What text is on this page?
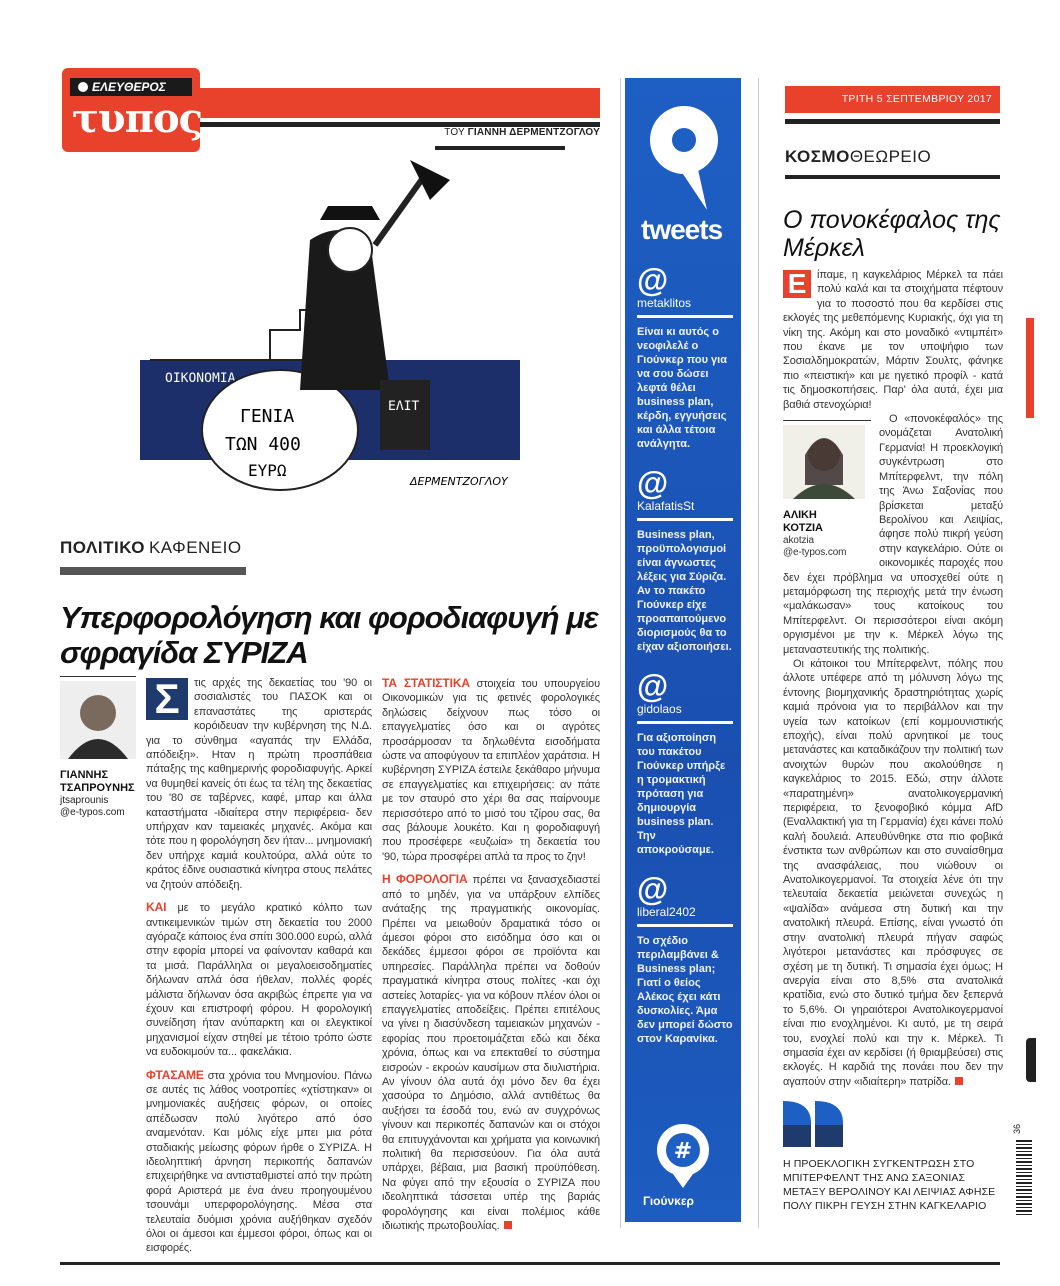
ΕΛΕΥΘΕΡΟΣ
τυπος	ΤΟΥ ΓΙΑΝΝΗ ΔΕΡΜΕΝΤΖΟΓΛΟΥ
ΟΙΚΟΝΟΜΙΑ
ΓΕΝΙΑ
ΤΩΝ 400
ΕΥΡΩ
ΕΛΙΤ
ΔΕΡΜΕΝΤΖΟΓΛΟΥ
ΠΟΛΙΤΙΚΟ ΚΑΦΕΝΕΙΟ
Υπερφορολόγηση και φοροδιαφυγή με σφραγίδα ΣΥΡΙΖΑ
ΓΙΑΝΝΗΣ
ΤΣΑΠΡΟΥΝΗΣ
jtsaprounis
@e-typos.com

Σ	τις αρχές της δεκαετίας του '90 οι σοσιαλιστές του ΠΑΣΟΚ και οι επαναστάτες της αριστεράς κορόιδευαν την κυβέρνηση της Ν.Δ. για το σύνθημα «αγαπάς την Ελλάδα, απόδειξη». Ηταν η πρώτη προσπάθεια πάταξης της καθημερινής φοροδιαφυγής. Αρκεί να θυμηθεί κανείς ότι έως τα τέλη της δεκαετίας του '80 σε ταβέρνες, καφέ, μπαρ και άλλα καταστήματα -ιδιαίτερα στην περιφέρεια- δεν υπήρχαν καν ταμειακές μηχανές. Ακόμα και τότε που η φορολόγηση δεν ήταν... μνημονιακή δεν υπήρχε καμιά κουλτούρα, αλλά ούτε το κράτος έδινε ουσιαστικά κίνητρα στους πελάτες να ζητούν απόδειξη.

ΚΑΙ με το μεγάλο κρατικό κόλπο των αντικειμενικών τιμών στη δεκαετία του 2000 αγόραζε κάποιος ένα σπίτι 300.000 ευρώ, αλλά στην εφορία μπορεί να φαίνονταν καθαρά και τα μισά. Παράλληλα οι μεγαλοεισοδηματίες δήλωναν απλά όσα ήθελαν, πολλές φορές μάλιστα δήλωναν όσα ακριβώς έπρεπε για να έχουν και επιστροφή φόρου. Η φορολογική συνείδηση ήταν ανύπαρκτη και οι ελεγκτικοί μηχανισμοί είχαν στηθεί με τέτοιο τρόπο ώστε να ευδοκιμούν τα... φακελάκια.

ΦΤΑΣΑΜΕ στα χρόνια του Μνημονίου. Πάνω σε αυτές τις λάθος νοοτροπίες «χτίστηκαν» οι μνημονιακές αυξήσεις φόρων, οι οποίες απέδωσαν πολύ λιγότερο από όσο αναμενόταν. Και μόλις είχε μπει μια ρότα σταδιακής μείωσης φόρων ήρθε ο ΣΥΡΙΖΑ. Η ιδεοληπτική άρνηση περικοπής δαπανών επιχειρήθηκε να αντισταθμιστεί από την πρώτη φορά Αριστερά με ένα άνευ προηγουμένου τσουνάμι υπερφορολόγησης. Μέσα στα τελευταία δυόμισι χρόνια αυξήθηκαν σχεδόν όλοι οι άμεσοι και έμμεσοι φόροι, όπως και οι εισφορές.

ΤΑ ΣΤΑΤΙΣΤΙΚΑ στοιχεία του υπουργείου Οικονομικών για τις φετινές φορολογικές δηλώσεις δείχνουν πως τόσο οι επαγγελματίες όσο και οι αγρότες προσάρμοσαν τα δηλωθέντα εισοδήματα ώστε να αποφύγουν τα επιπλέον χαράτσια. Η κυβέρνηση ΣΥΡΙΖΑ έστειλε ξεκάθαρο μήνυμα σε επαγγελματίες και επιχειρήσεις: αν πάτε με τον σταυρό στο χέρι θα σας παίρνουμε περισσότερο από το μισό του τζίρου σας, θα σας βάλουμε λουκέτο. Και η φοροδιαφυγή που προσέφερε «ευζωία» τη δεκαετία του '90, τώρα προσφέρει απλά τα προς το ζην!

Η ΦΟΡΟΛΟΓΙΑ πρέπει να ξανασχεδιαστεί από το μηδέν, για να υπάρξουν ελπίδες ανάταξης της πραγματικής οικονομίας. Πρέπει να μειωθούν δραματικά τόσο οι άμεσοι φόροι στο εισόδημα όσο και οι δεκάδες έμμεσοι φόροι σε προϊόντα και υπηρεσίες. Παράλληλα πρέπει να δοθούν πραγματικά κίνητρα στους πολίτες -και όχι αστείες λοταρίες- για να κόβουν πλέον όλοι οι επαγγελματίες αποδείξεις. Πρέπει επιτέλους να γίνει η διασύνδεση ταμειακών μηχανών - εφορίας που προετοιμάζεται εδώ και δέκα χρόνια, όπως και να επεκταθεί το σύστημα εισροών - εκροών καυσίμων στα διυλιστήρια. Αν γίνουν όλα αυτά όχι μόνο δεν θα έχει χασούρα το Δημόσιο, αλλά αντιθέτως θα αυξήσει τα έσοδά του, ενώ αν συγχρόνως γίνουν και περικοπές δαπανών και οι στόχοι θα επιτυγχάνονται και χρήματα για κοινωνική πολιτική θα περισσεύουν. Για όλα αυτά υπάρχει, βέβαια, μια βασική προϋπόθεση. Να φύγει από την εξουσία ο ΣΥΡΙΖΑ που ιδεοληπτικά τάσσεται υπέρ της βαριάς φορολόγησης και είναι πολέμιος κάθε ιδιωτικής πρωτοβουλίας.

tweets
@
metaklitos
Είναι κι αυτός ο νεοφιλελέ ο Γιούνκερ που για να σου δώσει λεφτά θέλει business plan, κέρδη, εγγυήσεις και άλλα τέτοια ανάλγητα.
@
KalafatisSt
Business plan, προϋπολογισμοί είναι άγνωστες λέξεις για Σύριζα. Αν το πακέτο Γιούνκερ είχε προαπαιτούμενο διορισμούς θα το είχαν αξιοποιήσει.
@
gidolaos
Για αξιοποίηση του πακέτου Γιούνκερ υπήρξε η τρομακτική πρόταση για δημιουργία business plan. Την αποκρούσαμε.
@
liberal2402
Το σχέδιο περιλαμβάνει & Business plan; Γιατί ο θείος Αλέκος έχει κάτι δυσκολίες. Άμα δεν μπορεί δώστο στον Καρανίκα.
#
Γιούνκερ
ΤΡΙΤΗ 5 ΣΕΠΤΕΜΒΡΙΟΥ 2017
ΚΟΣΜΟΘΕΩΡΕΙΟ
Ο πονοκέφαλος της Μέρκελ

Ε ίπαμε, η καγκελάριος Μέρκελ τα πάει πολύ καλά και τα στοιχήματα πέφτουν για το ποσοστό που θα κερδίσει στις εκλογές της μεθεπόμενης Κυριακής, όχι για τη νίκη της. Ακόμη και στο μοναδικό «ντιμπέιτ» που έκανε με τον υποψήφιο των Σοσιαλδημοκρατών, Μάρτιν Σουλτς, φάνηκε πιο «πειστική» και με ηγετικό προφίλ - κατά τις δημοσκοπήσεις. Παρ' όλα αυτά, έχει μια βαθιά στενοχώρια!

ΑΛΙΚΗ
ΚΟΤΖΙΑ
akotzia
@e-typos.com

Ο «πονοκέφαλός» της ονομάζεται Ανατολική Γερμανία! Η προεκλογική συγκέντρωση στο Μπίτερφελντ, την πόλη της Άνω Σαξονίας που βρίσκεται μεταξύ Βερολίνου και Λειψίας, άφησε πολύ πικρή γεύση στην καγκελάριο. Ούτε οι οικονομικές παροχές που δεν έχει πρόβλημα να υποσχεθεί ούτε η μεταμόρφωση της περιοχής μετά την ένωση «μαλάκωσαν» τους κατοίκους του Μπίτερφελντ. Οι περισσότεροι είναι ακόμη οργισμένοι με την κ. Μέρκελ λόγω της μεταναστευτικής της πολιτικής.

Οι κάτοικοι του Μπίτερφελντ, πόλης που άλλοτε υπέφερε από τη μόλυνση λόγω της έντονης βιομηχανικής δραστηριότητας χωρίς καμιά πρόνοια για το περιβάλλον και την υγεία των κατοίκων (επί κομμουνιστικής εποχής), είναι πολύ αρνητικοί με τους μετανάστες και καταδικάζουν την πολιτική των ανοιχτών θυρών που ακολούθησε η καγκελάριος το 2015. Εδώ, στην άλλοτε «παρατημένη» ανατολικογερμανική περιφέρεια, το ξενοφοβικό κόμμα AfD (Εναλλακτική για τη Γερμανία) έχει κάνει πολύ καλή δουλειά. Απευθύνθηκε στα πιο φοβικά ένστικτα των ανθρώπων και στο συναίσθημα της ανασφάλειας, που νιώθουν οι Ανατολικογερμανοί. Τα στοιχεία λένε ότι την τελευταία δεκαετία μειώνεται συνεχώς η «ψαλίδα» ανάμεσα στη δυτική και την ανατολική πλευρά. Επίσης, είναι γνωστό ότι στην ανατολική πλευρά πήγαν σαφώς λιγότεροι μετανάστες και πρόσφυγες σε σχέση με τη δυτική. Τι σημασία έχει όμως; Η ανεργία είναι στο 8,5% στα ανατολικά κρατίδια, ενώ στο δυτικό τμήμα δεν ξεπερνά το 5,6%. Οι γηραιότεροι Ανατολικογερμανοί είναι πιο ενοχλημένοι. Κι αυτό, με τη σειρά του, ενοχλεί πολύ και την κ. Μέρκελ. Τι σημασία έχει αν κερδίσει (ή θριαμβεύσει) στις εκλογές. Η καρδιά της πονάει που δεν την αγαπούν στην «ιδιαίτερη» πατρίδα.

Η ΠΡΟΕΚΛΟΓΙΚΗ ΣΥΓΚΕΝΤΡΩΣΗ ΣΤΟ ΜΠΙΤΕΡΦΕΛΝΤ ΤΗΣ ΑΝΩ ΣΑΞΟΝΙΑΣ ΜΕΤΑΞΥ ΒΕΡΟΛΙΝΟΥ ΚΑΙ ΛΕΙΨΙΑΣ ΑΦΗΣΕ ΠΟΛΥ ΠΙΚΡΗ ΓΕΥΣΗ ΣΤΗΝ ΚΑΓΚΕΛΑΡΙΟ
36
